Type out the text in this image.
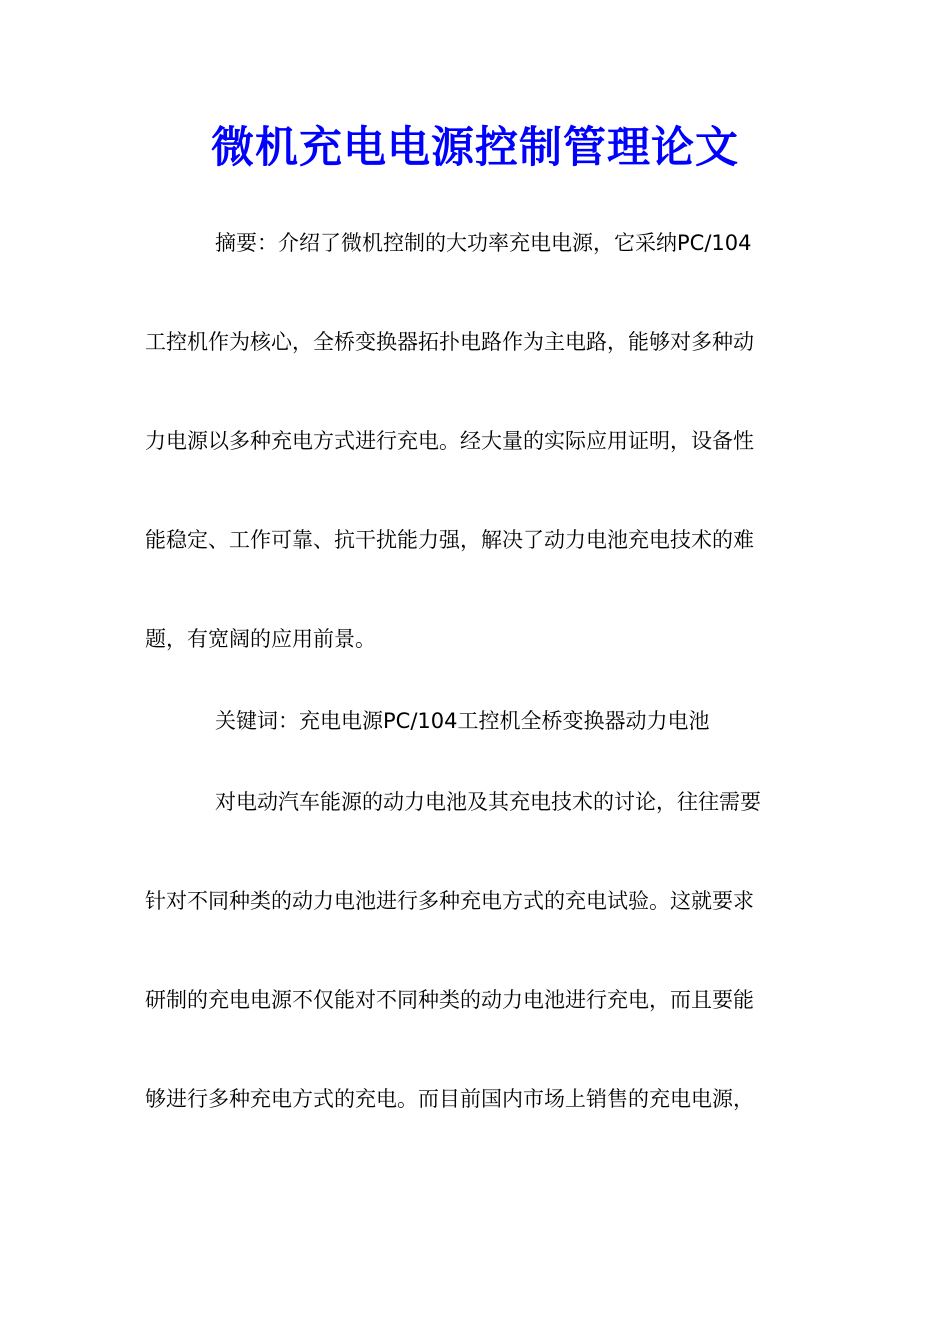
微机充电电源控制管理论文
摘要：介绍了微机控制的大功率充电电源，它采纳PC/104
工控机作为核心，全桥变换器拓扑电路作为主电路，能够对多种动
力电源以多种充电方式进行充电。经大量的实际应用证明，设备性
能稳定、工作可靠、抗干扰能力强，解决了动力电池充电技术的难
题，有宽阔的应用前景。
关键词：充电电源PC/104工控机全桥变换器动力电池
对电动汽车能源的动力电池及其充电技术的讨论，往往需要
针对不同种类的动力电池进行多种充电方式的充电试验。这就要求
研制的充电电源不仅能对不同种类的动力电池进行充电，而且要能
够进行多种充电方式的充电。而目前国内市场上销售的充电电源，
